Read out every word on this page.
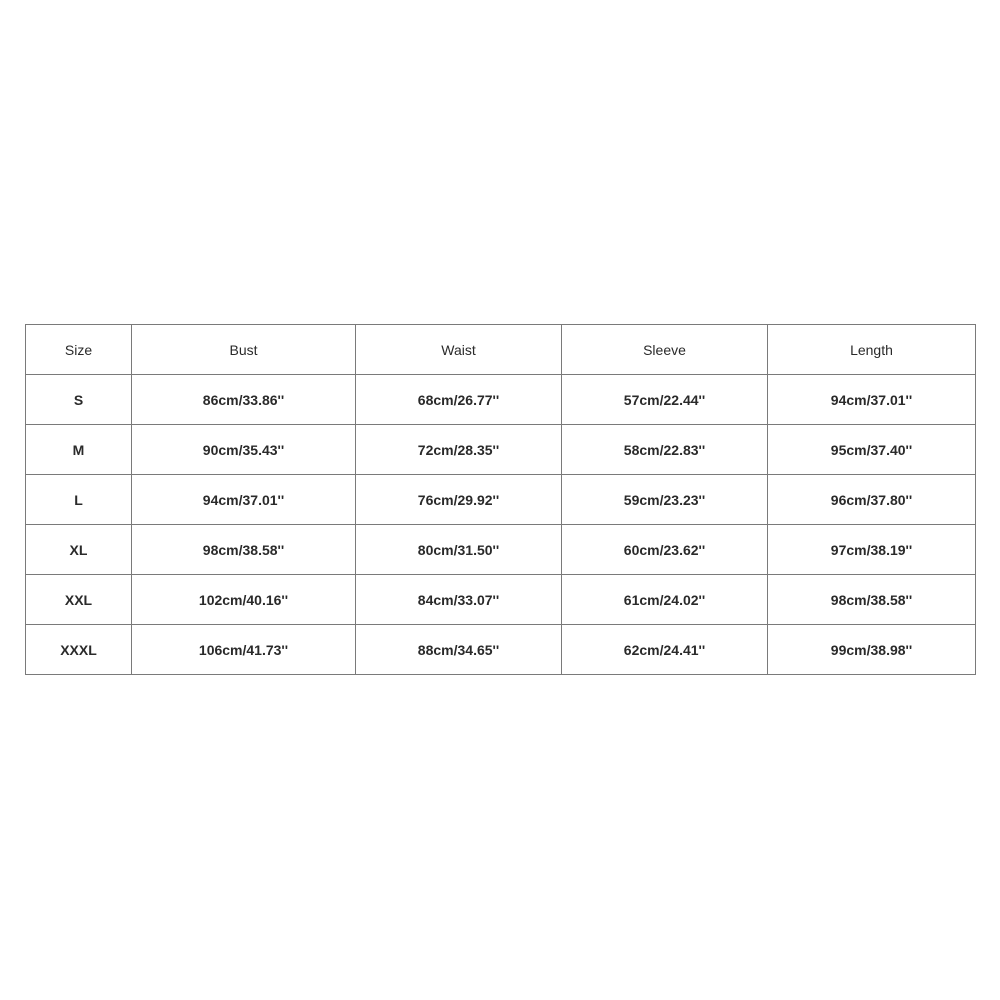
Size	Bust	Waist	Sleeve	Length
S	86cm/33.86''	68cm/26.77''	57cm/22.44''	94cm/37.01''
M	90cm/35.43''	72cm/28.35''	58cm/22.83''	95cm/37.40''
L	94cm/37.01''	76cm/29.92''	59cm/23.23''	96cm/37.80''
XL	98cm/38.58''	80cm/31.50''	60cm/23.62''	97cm/38.19''
XXL	102cm/40.16''	84cm/33.07''	61cm/24.02''	98cm/38.58''
XXXL	106cm/41.73''	88cm/34.65''	62cm/24.41''	99cm/38.98''
